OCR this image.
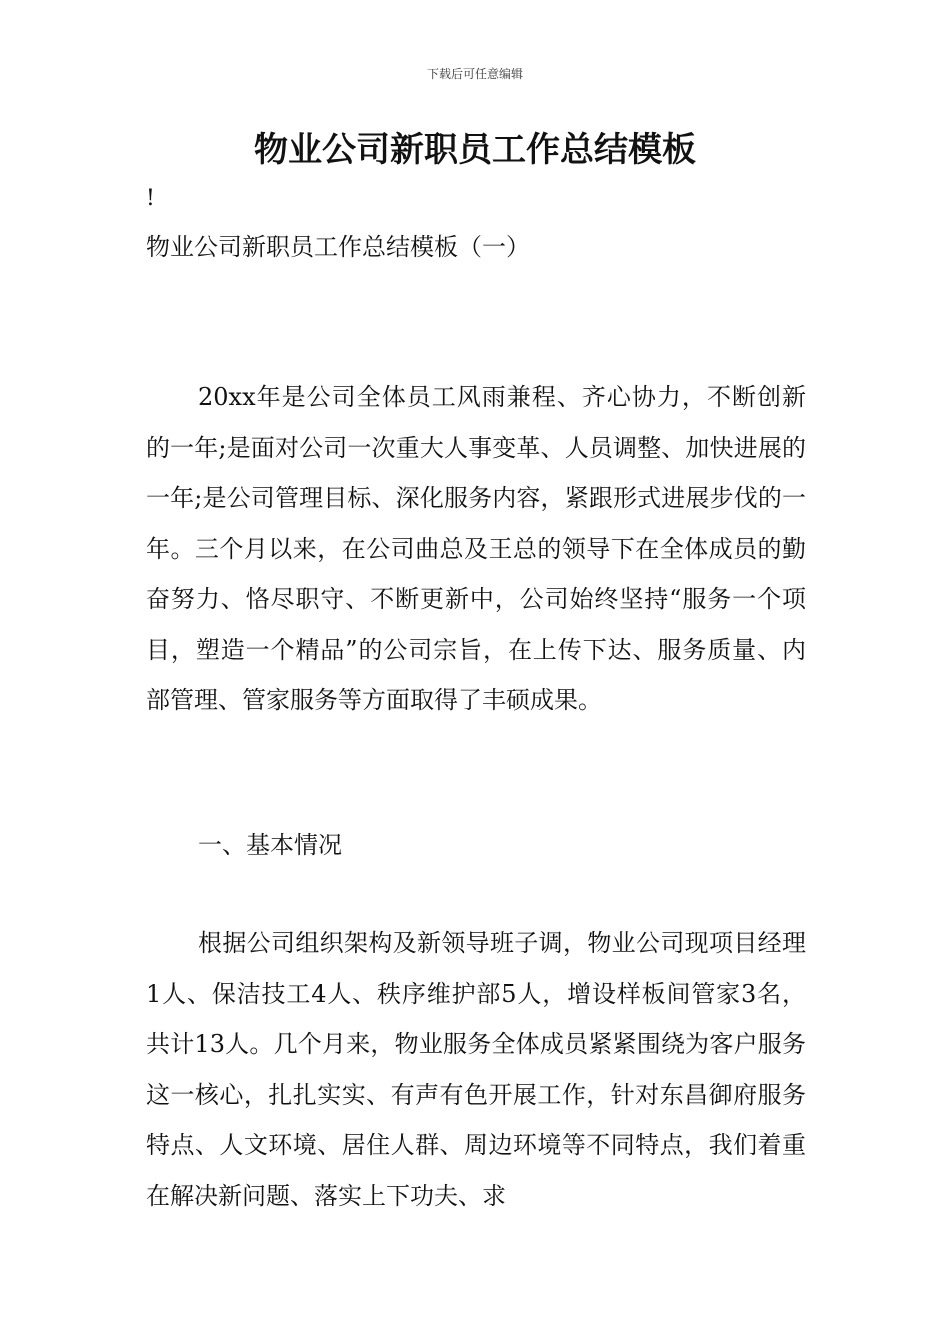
下载后可任意编辑
物业公司新职员工作总结模板
!
物业公司新职员工作总结模板（一）

20xx年是公司全体员工风雨兼程、齐心协力，不断创新的一年;是面对公司一次重大人事变革、人员调整、加快进展的一年;是公司管理目标、深化服务内容，紧跟形式进展步伐的一年。三个月以来，在公司曲总及王总的领导下在全体成员的勤奋努力、恪尽职守、不断更新中，公司始终坚持“服务一个项目，塑造一个精品”的公司宗旨，在上传下达、服务质量、内部管理、管家服务等方面取得了丰硕成果。

一、基本情况

根据公司组织架构及新领导班子调，物业公司现项目经理1人、保洁技工4人、秩序维护部5人，增设样板间管家3名，共计13人。几个月来，物业服务全体成员紧紧围绕为客户服务这一核心，扎扎实实、有声有色开展工作，针对东昌御府服务特点、人文环境、居住人群、周边环境等不同特点，我们着重在解决新问题、落实上下功夫、求
